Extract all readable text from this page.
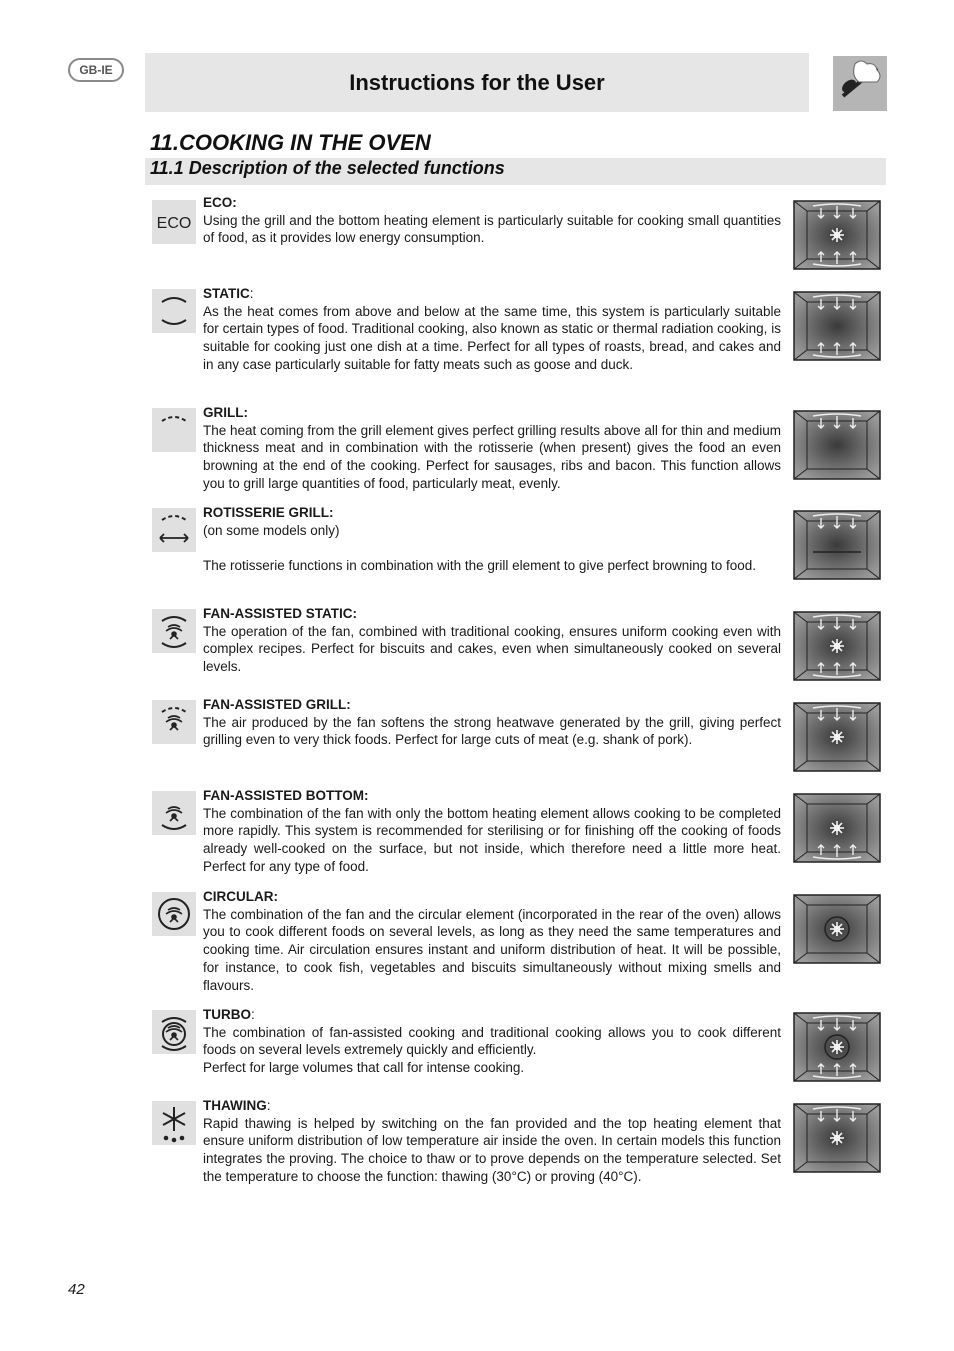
GB-IE	Instructions for the User
11.COOKING IN THE OVEN
11.1 Description of the selected functions
ECO
ECO:

Using the grill and the bottom heating element is particularly suitable for cooking small quantities of food, as it provides low energy consumption.

STATIC:

As the heat comes from above and below at the same time, this system is particularly suitable for certain types of food. Traditional cooking, also known as static or thermal radiation cooking, is suitable for cooking just one dish at a time. Perfect for all types of roasts, bread, and cakes and in any case particularly suitable for fatty meats such as goose and duck.

GRILL:

The heat coming from the grill element gives perfect grilling results above all for thin and medium thickness meat and in combination with the rotisserie (when present) gives the food an even browning at the end of the cooking. Perfect for sausages, ribs and bacon. This function allows you to grill large quantities of food, particularly meat, evenly.

ROTISSERIE GRILL:

(on some models only)

The rotisserie functions in combination with the grill element to give perfect browning to food.

FAN-ASSISTED STATIC:

The operation of the fan, combined with traditional cooking, ensures uniform cooking even with complex recipes. Perfect for biscuits and cakes, even when simultaneously cooked on several levels.

FAN-ASSISTED GRILL:

The air produced by the fan softens the strong heatwave generated by the grill, giving perfect grilling even to very thick foods. Perfect for large cuts of meat (e.g. shank of pork).

FAN-ASSISTED BOTTOM:

The combination of the fan with only the bottom heating element allows cooking to be completed more rapidly. This system is recommended for sterilising or for finishing off the cooking of foods already well-cooked on the surface, but not inside, which therefore need a little more heat. Perfect for any type of food.

CIRCULAR:

The combination of the fan and the circular element (incorporated in the rear of the oven) allows you to cook different foods on several levels, as long as they need the same temperatures and cooking time. Air circulation ensures instant and uniform distribution of heat. It will be possible, for instance, to cook fish, vegetables and biscuits simultaneously without mixing smells and flavours.

TURBO:

The combination of fan-assisted cooking and traditional cooking allows you to cook different foods on several levels extremely quickly and efficiently.

Perfect for large volumes that call for intense cooking.

THAWING:

Rapid thawing is helped by switching on the fan provided and the top heating element that ensure uniform distribution of low temperature air inside the oven. In certain models this function integrates the proving. The choice to thaw or to prove depends on the temperature selected. Set the temperature to choose the function: thawing (30°C) or proving (40°C).

42
